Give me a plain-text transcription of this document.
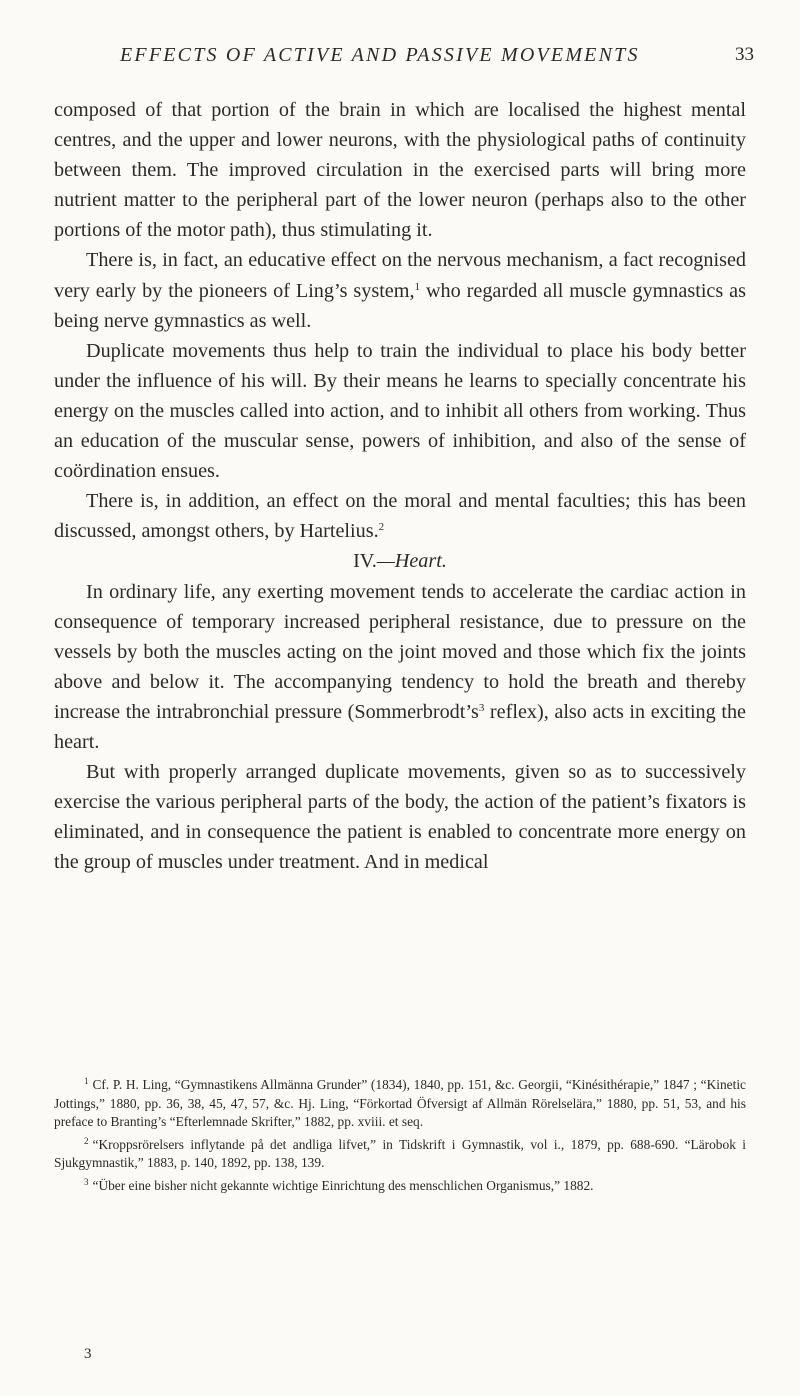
EFFECTS OF ACTIVE AND PASSIVE MOVEMENTS	33

composed of that portion of the brain in which are localised the highest mental centres, and the upper and lower neurons, with the physiological paths of continuity between them. The improved circulation in the exercised parts will bring more nutrient matter to the peripheral part of the lower neuron (perhaps also to the other portions of the motor path), thus stimulating it.

There is, in fact, an educative effect on the nervous mechanism, a fact recognised very early by the pioneers of Ling’s system,$^1$ who regarded all muscle gymnastics as being nerve gymnastics as well.

Duplicate movements thus help to train the individual to place his body better under the influence of his will. By their means he learns to specially concentrate his energy on the muscles called into action, and to inhibit all others from working. Thus an education of the muscular sense, powers of inhibition, and also of the sense of coördination ensues.

There is, in addition, an effect on the moral and mental faculties; this has been discussed, amongst others, by Hartelius.$^2$

IV.—Heart.

In ordinary life, any exerting movement tends to accelerate the cardiac action in consequence of temporary increased peripheral resistance, due to pressure on the vessels by both the muscles acting on the joint moved and those which fix the joints above and below it. The accompanying tendency to hold the breath and thereby increase the intrabronchial pressure ($Sommerbrodt’s^3$ reflex), also acts in exciting the heart.

But with properly arranged duplicate movements, given so as to successively exercise the various peripheral parts of the body, the action of the patient’s fixators is eliminated, and in consequence the patient is enabled to concentrate more energy on the group of muscles under treatment. And in medical

$^1$ Cf. P. H. Ling, “Gymnastikens Allmänna Grunder” (1834), 1840, pp. 151, &c. Georgii, “Kinésithérapie,” 1847 ; “Kinetic Jottings,” 1880, pp. 36, 38, 45, 47, 57, &c. Hj. Ling, “Förkortad Öfversigt af Allmän Rörelselära,” 1880, pp. 51, 53, and his preface to Branting’s “Efterlemnade Skrifter,” 1882, pp. xviii. et seq.

$^2$ “Kroppsrörelsers inflytande på det andliga lifvet,” in Tidskrift i Gymnastik, vol i., 1879, pp. 688-690. “Lärobok i Sjukgymnastik,” 1883, p. 140, 1892, pp. 138, 139.

$^3$ “Über eine bisher nicht gekannte wichtige Einrichtung des menschlichen Organismus,” 1882.

3
